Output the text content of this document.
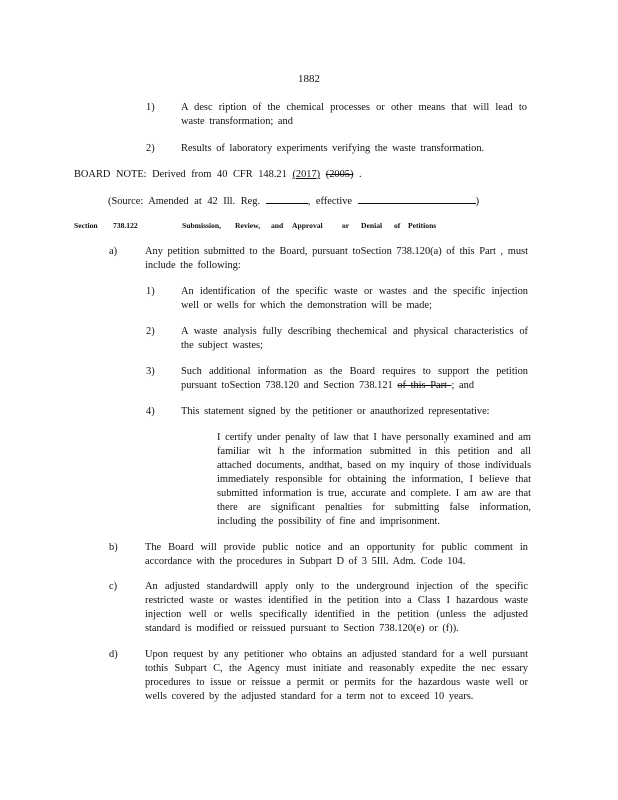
1882
1)	A desc ription of the chemical processes or other means that will lead to waste transformation; and
2)	Results of laboratory experiments verifying the waste transformation.
BOARD NOTE: Derived from 40 CFR 148.21 (2017) (2005) .
(Source: Amended at 42 Ill. Reg.	, effective	)
Section 738.122	Submission, Review, and Approval	or Denial of Petitions
a)	Any petition submitted to the Board, pursuant toSection 738.120(a) of this Part , must include the following:
1)	An identification of the specific waste or wastes and the specific injection well or wells for which the demonstration will be made;
2)	A waste analysis fully describing thechemical and physical characteristics of the subject wastes;
3)	Such additional information as the Board requires to support the petition pursuant toSection 738.120 and Section 738.121 of this Part ; and
4)	This statement signed by the petitioner or anauthorized representative:
I certify under penalty of law that I have personally examined and am familiar wit h the information submitted in this petition and all attached documents, andthat, based on my inquiry of those individuals immediately responsible for obtaining the information, I believe that submitted information is true, accurate and complete. I am aw are that there are significant penalties for submitting false information, including the possibility of fine and imprisonment.
b)	The Board will provide public notice and an opportunity for public comment in accordance with the procedures in Subpart D of 3 5Ill. Adm. Code 104.
c)	An adjusted standardwill apply only to the underground injection of the specific restricted waste or wastes identified in the petition into a Class I hazardous waste injection well or wells specifically identified in the petition (unless the adjusted standard is modified or reissued pursuant to Section 738.120(e) or (f)).
d)	Upon request by any petitioner who obtains an adjusted standard for a well pursuant tothis Subpart C, the Agency must initiate and reasonably expedite the nec essary procedures to issue or reissue a permit or permits for the hazardous waste well or wells covered by the adjusted standard for a term not to exceed 10 years.
